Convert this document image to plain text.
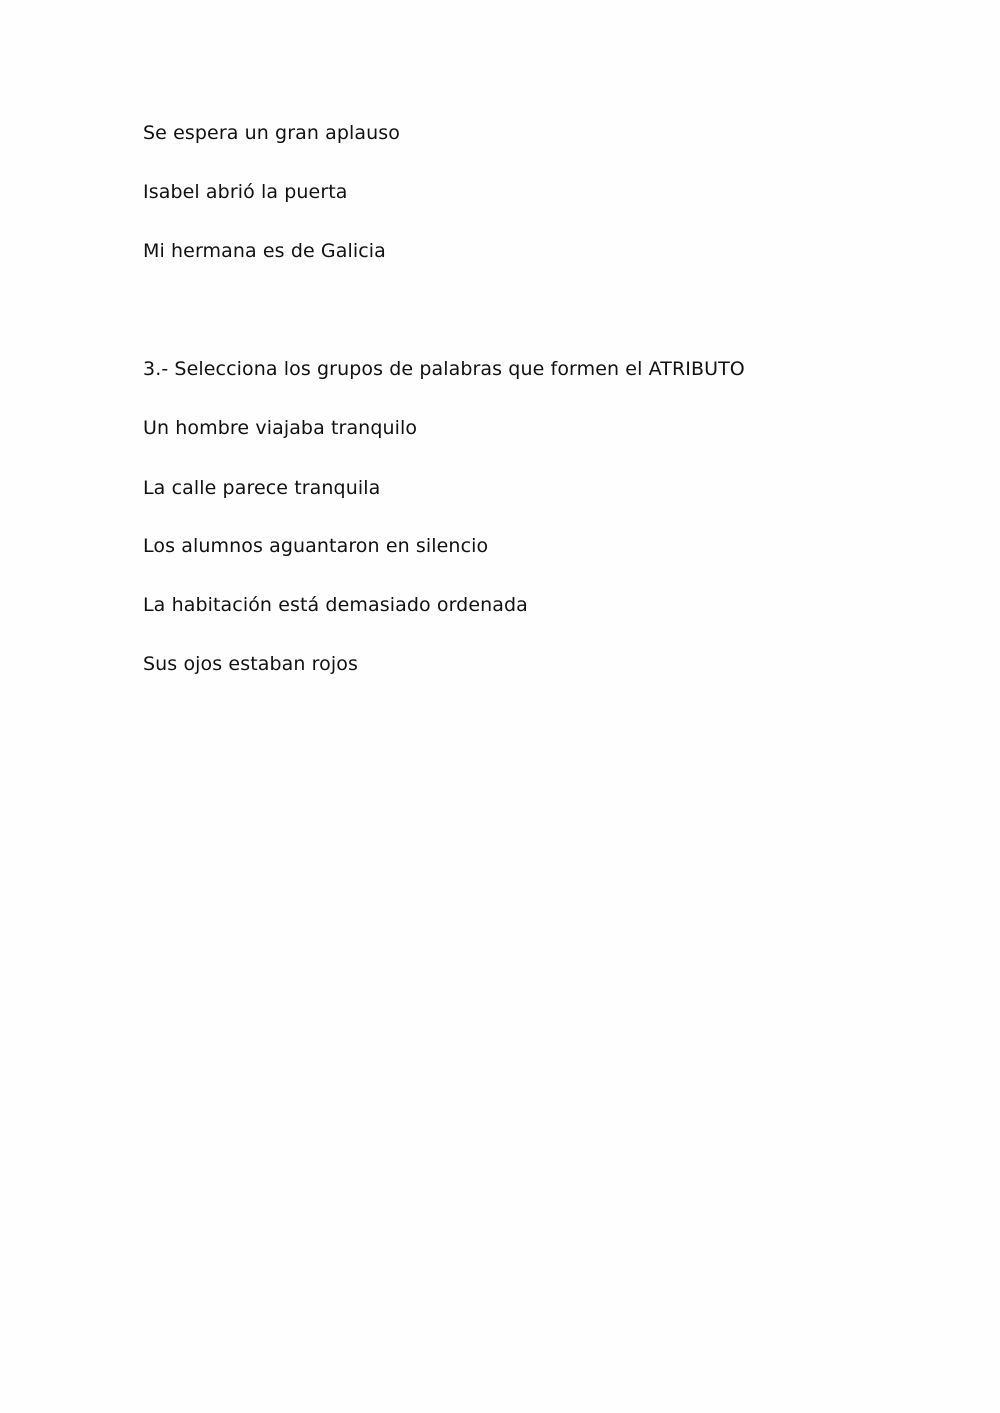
Se espera un gran aplauso
Isabel abrió la puerta
Mi hermana es de Galicia
3.- Selecciona los grupos de palabras que formen el ATRIBUTO
Un hombre viajaba tranquilo
La calle parece tranquila
Los alumnos aguantaron en silencio
La habitación está demasiado ordenada
Sus ojos estaban rojos
